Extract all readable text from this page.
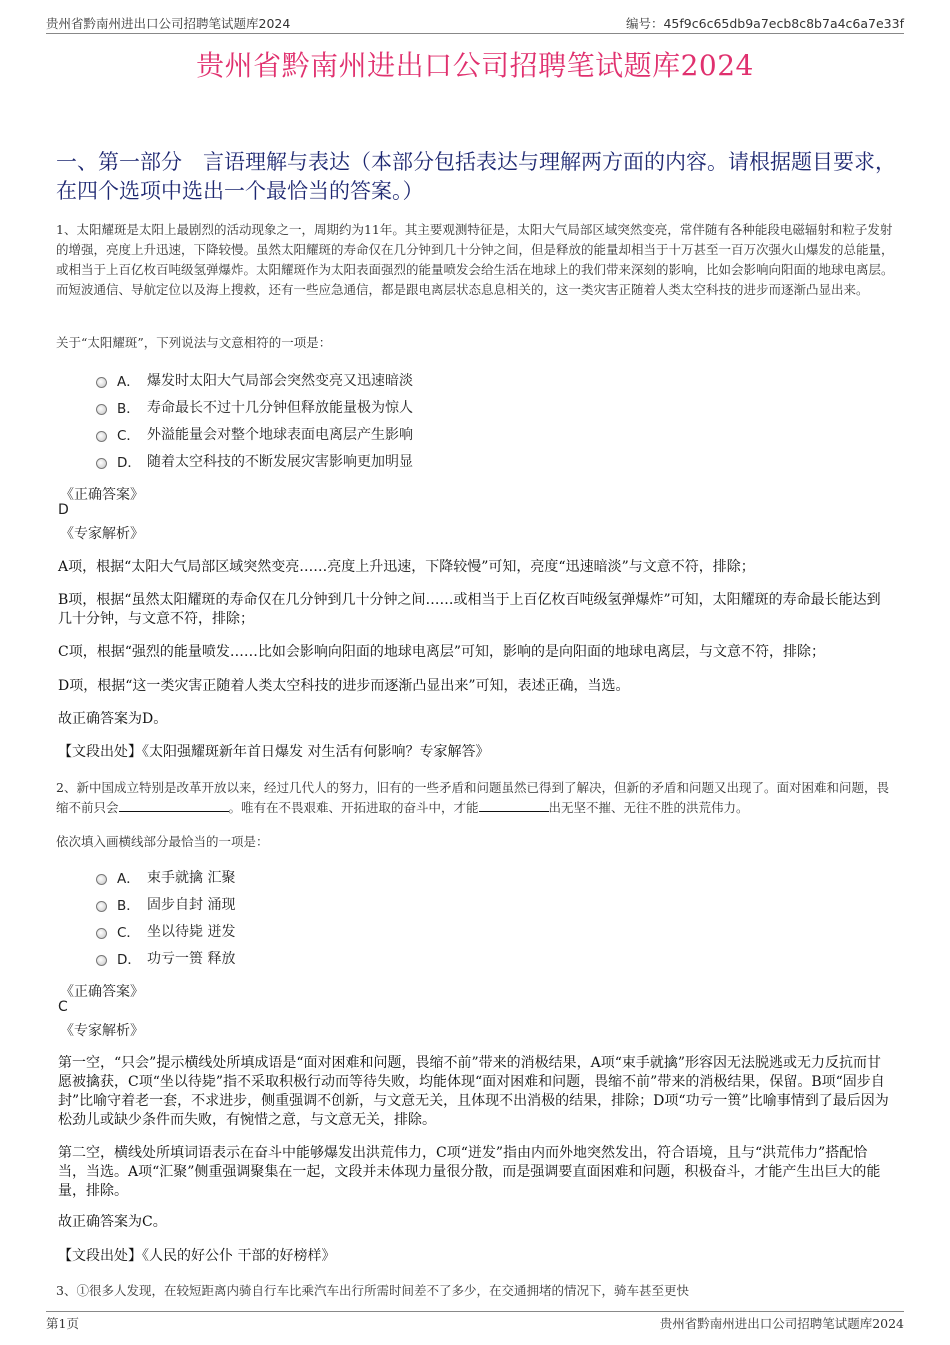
贵州省黔南州进出口公司招聘笔试题库2024	编号：45f9c6c65db9a7ecb8c8b7a4c6a7e33f
贵州省黔南州进出口公司招聘笔试题库2024
一、第一部分　言语理解与表达（本部分包括表达与理解两方面的内容。请根据题目要求，在四个选项中选出一个最恰当的答案。）
1、太阳耀斑是太阳上最剧烈的活动现象之一，周期约为11年。其主要观测特征是，太阳大气局部区域突然变亮，常伴随有各种能段电磁辐射和粒子发射的增强，亮度上升迅速，下降较慢。虽然太阳耀斑的寿命仅在几分钟到几十分钟之间，但是释放的能量却相当于十万甚至一百万次强火山爆发的总能量，或相当于上百亿枚百吨级氢弹爆炸。太阳耀斑作为太阳表面强烈的能量喷发会给生活在地球上的我们带来深刻的影响，比如会影响向阳面的地球电离层。而短波通信、导航定位以及海上搜救，还有一些应急通信，都是跟电离层状态息息相关的，这一类灾害正随着人类太空科技的进步而逐渐凸显出来。
关于“太阳耀斑”，下列说法与文意相符的一项是：
A． 爆发时太阳大气局部会突然变亮又迅速暗淡
B． 寿命最长不过十几分钟但释放能量极为惊人
C． 外溢能量会对整个地球表面电离层产生影响
D． 随着太空科技的不断发展灾害影响更加明显
《正确答案》
D
《专家解析》
A项，根据“太阳大气局部区域突然变亮……亮度上升迅速，下降较慢”可知，亮度“迅速暗淡”与文意不符，排除；
B项，根据“虽然太阳耀斑的寿命仅在几分钟到几十分钟之间……或相当于上百亿枚百吨级氢弹爆炸”可知，太阳耀斑的寿命最长能达到几十分钟，与文意不符，排除；
C项，根据“强烈的能量喷发……比如会影响向阳面的地球电离层”可知，影响的是向阳面的地球电离层，与文意不符，排除；
D项，根据“这一类灾害正随着人类太空科技的进步而逐渐凸显出来”可知，表述正确，当选。
故正确答案为D。
【文段出处】《太阳强耀斑新年首日爆发 对生活有何影响？专家解答》
2、新中国成立特别是改革开放以来，经过几代人的努力，旧有的一些矛盾和问题虽然已得到了解决，但新的矛盾和问题又出现了。面对困难和问题，畏缩不前只会	。唯有在不畏艰难、开拓进取的奋斗中，才能	出无坚不摧、无往不胜的洪荒伟力。
依次填入画横线部分最恰当的一项是：
A． 束手就擒 汇聚
B． 固步自封 涌现
C． 坐以待毙 迸发
D． 功亏一篑 释放
《正确答案》
C
《专家解析》
第一空，“只会”提示横线处所填成语是“面对困难和问题，畏缩不前”带来的消极结果，A项“束手就擒”形容因无法脱逃或无力反抗而甘愿被擒获，C项“坐以待毙”指不采取积极行动而等待失败，均能体现“面对困难和问题，畏缩不前”带来的消极结果，保留。B项“固步自封”比喻守着老一套，不求进步，侧重强调不创新，与文意无关，且体现不出消极的结果，排除；D项“功亏一篑”比喻事情到了最后因为松劲儿或缺少条件而失败，有惋惜之意，与文意无关，排除。
第二空，横线处所填词语表示在奋斗中能够爆发出洪荒伟力，C项“迸发”指由内而外地突然发出，符合语境，且与“洪荒伟力”搭配恰当，当选。A项“汇聚”侧重强调聚集在一起，文段并未体现力量很分散，而是强调要直面困难和问题，积极奋斗，才能产生出巨大的能量，排除。
故正确答案为C。
【文段出处】《人民的好公仆 干部的好榜样》
3、①很多人发现，在较短距离内骑自行车比乘汽车出行所需时间差不了多少，在交通拥堵的情况下，骑车甚至更快
第1页	贵州省黔南州进出口公司招聘笔试题库2024
